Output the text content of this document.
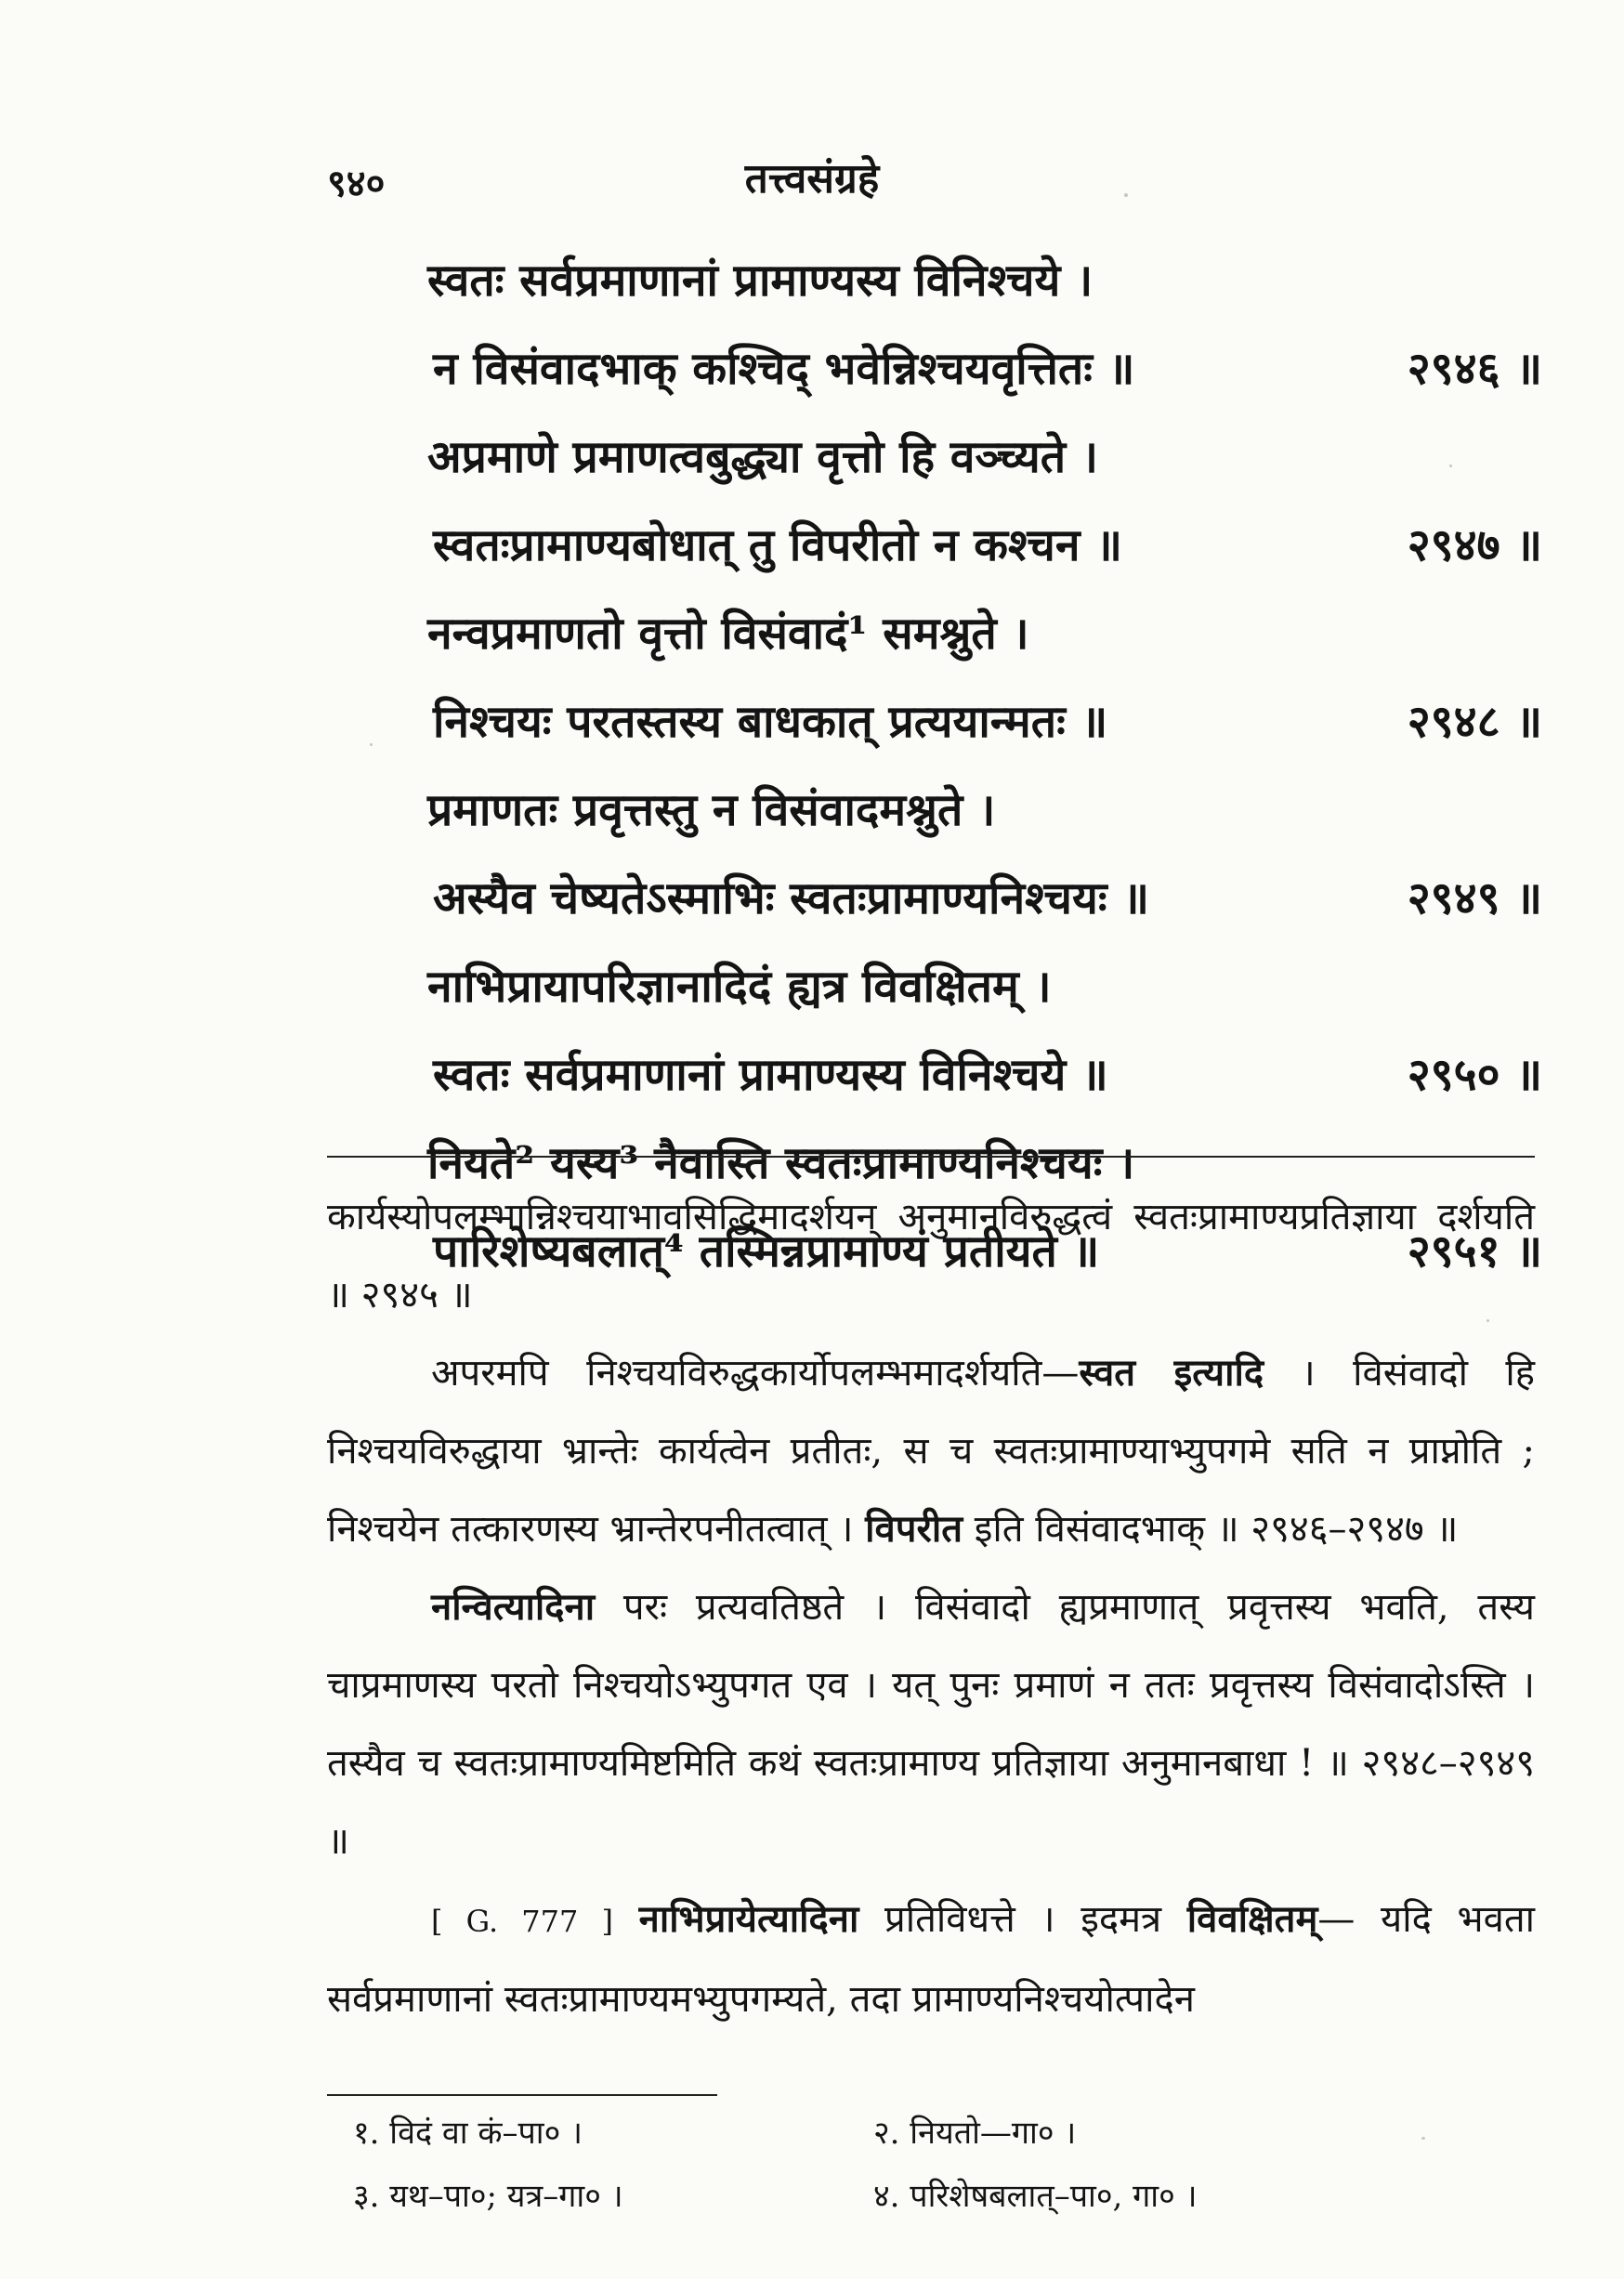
९४०	तत्त्वसंग्रहे
स्वतः सर्वप्रमाणानां प्रामाण्यस्य विनिश्चये ।
न विसंवादभाक् कश्चिद् भवेन्निश्चयवृत्तितः ॥	२९४६ ॥
अप्रमाणे प्रमाणत्वबुद्ध्या वृत्तो हि वञ्च्यते ।
स्वतःप्रामाण्यबोधात् तु विपरीतो न कश्चन ॥	२९४७ ॥
नन्वप्रमाणतो वृत्तो विसंवादं¹ समश्नुते ।
निश्चयः परतस्तस्य बाधकात् प्रत्ययान्मतः ॥	२९४८ ॥
प्रमाणतः प्रवृत्तस्तु न विसंवादमश्नुते ।
अस्यैव चेष्यतेऽस्माभिः स्वतःप्रामाण्यनिश्चयः ॥	२९४९ ॥
नाभिप्रायापरिज्ञानादिदं ह्यत्र विवक्षितम् ।
स्वतः सर्वप्रमाणानां प्रामाण्यस्य विनिश्चये ॥	२९५० ॥
नियते² यस्य³ नैवास्ति स्वतःप्रामाण्यनिश्चयः ।
पारिशेष्यबलात्⁴ तस्मिन्नप्रामाण्यं प्रतीयते ॥	२९५१ ॥

कार्यस्योपलम्भान्निश्चयाभावसिद्धिमादर्शयन् अनुमानविरुद्धत्वं स्वतःप्रामाण्यप्रतिज्ञाया दर्शयति ॥ २९४५ ॥

अपरमपि निश्चयविरुद्धकार्योपलम्भमादर्शयति—स्वत इत्यादि । विसंवादो हि निश्चयविरुद्धाया भ्रान्तेः कार्यत्वेन प्रतीतः, स च स्वतःप्रामाण्याभ्युपगमे सति न प्राप्नोति ; निश्चयेन तत्कारणस्य भ्रान्तेरपनीतत्वात् । विपरीत इति विसंवादभाक् ॥ २९४६–२९४७ ॥

नन्वित्यादिना परः प्रत्यवतिष्ठते । विसंवादो ह्यप्रमाणात् प्रवृत्तस्य भवति, तस्य चाप्रमाणस्य परतो निश्चयोऽभ्युपगत एव । यत् पुनः प्रमाणं न ततः प्रवृत्तस्य विसंवादोऽस्ति । तस्यैव च स्वतःप्रामाण्यमिष्टमिति कथं स्वतःप्रामाण्य प्रतिज्ञाया अनुमानबाधा ! ॥ २९४८–२९४९ ॥

[ G. 777 ] नाभिप्रायेत्यादिना प्रतिविधत्ते । इदमत्र विवक्षितम्— यदि भवता सर्वप्रमाणानां स्वतःप्रामाण्यमभ्युपगम्यते, तदा प्रामाण्यनिश्चयोत्पादेन

१. विदं वा कं–पा० ।	२. नियतो—गा० ।
३. यथ–पा०; यत्र–गा० ।	४. परिशेषबलात्–पा०, गा० ।
